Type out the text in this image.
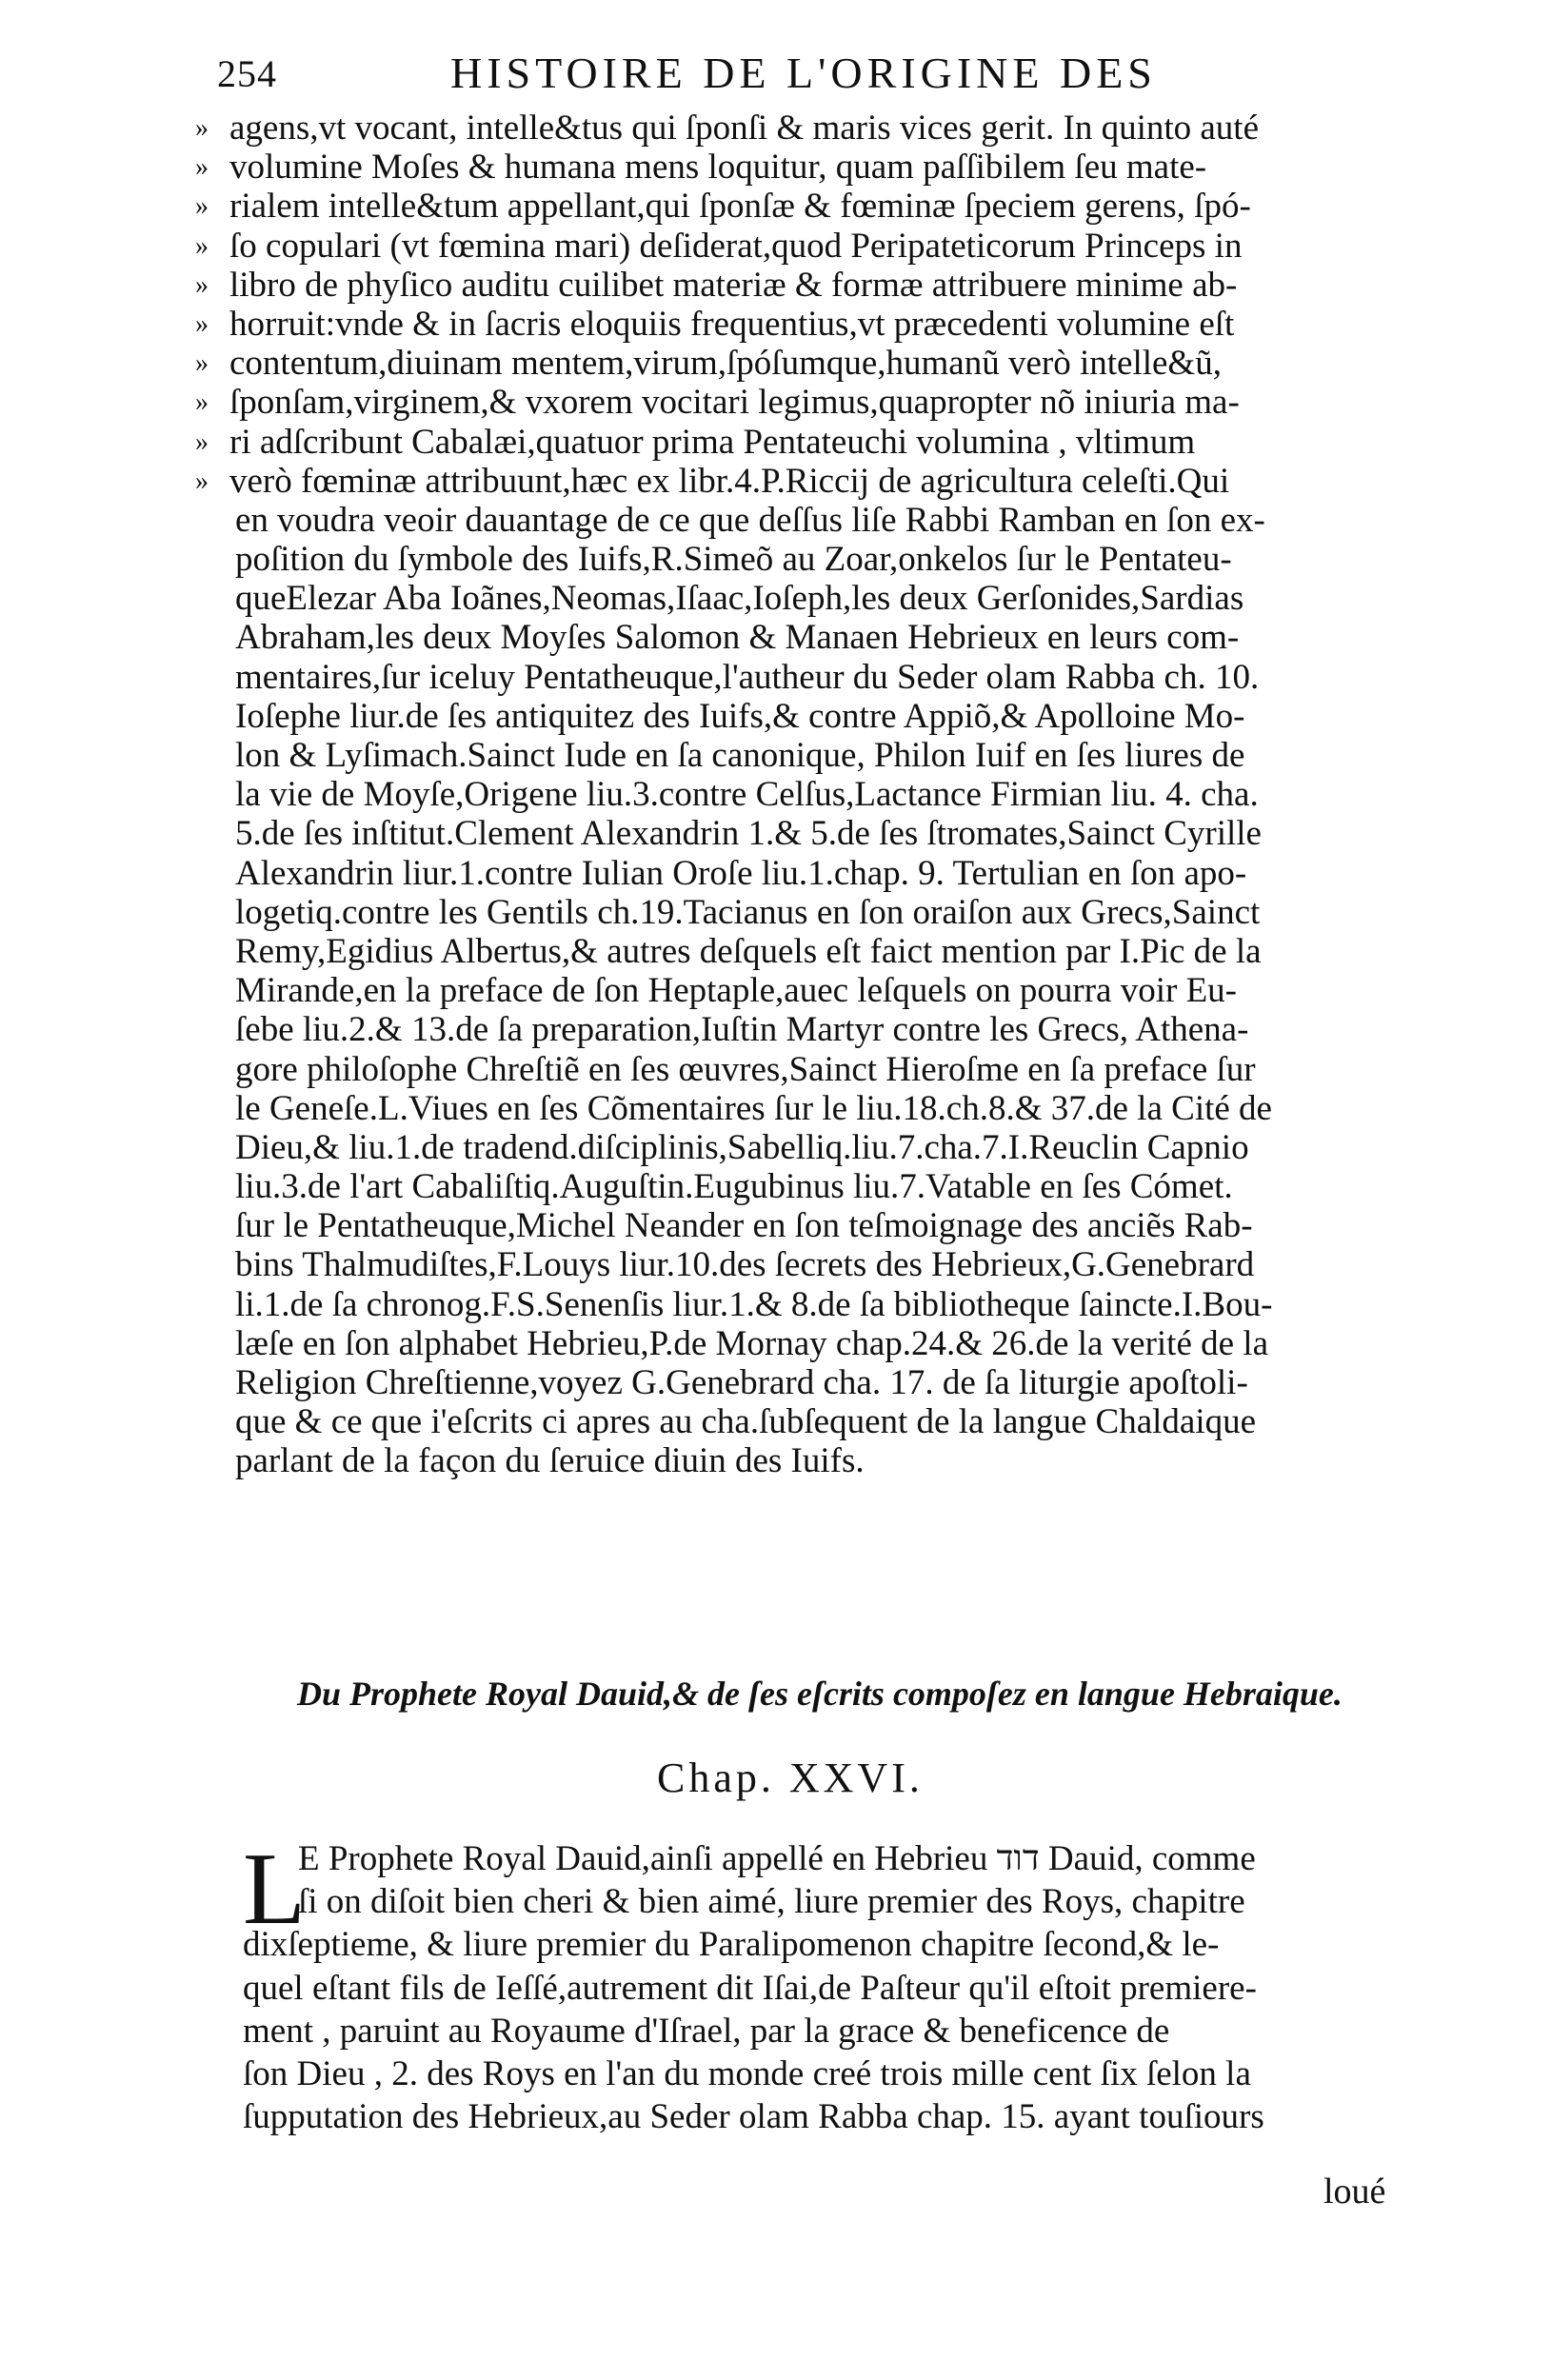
254	HISTOIRE DE L'ORIGINE DES
» agens,vt vocant, intelle&tus qui ſponſi & maris vices gerit. In quinto auté
» volumine Moſes & humana mens loquitur, quam paſſibilem ſeu mate-
» rialem intelle&tum appellant,qui ſponſæ & fœminæ ſpeciem gerens, ſpó-
» ſo copulari (vt fœmina mari) deſiderat,quod Peripateticorum Princeps in
» libro de phyſico auditu cuilibet materiæ & formæ attribuere minime ab-
» horruit:vnde & in ſacris eloquiis frequentius,vt præcedenti volumine eſt
» contentum,diuinam mentem,virum,ſpóſumque,humanũ verò intelle&ũ,
» ſponſam,virginem,& vxorem vocitari legimus,quapropter nõ iniuria ma-
» ri adſcribunt Cabalæi,quatuor prima Pentateuchi volumina , vltimum
» verò fœminæ attribuunt,hæc ex libr.4.P.Riccij de agricultura celeſti.Qui
en voudra veoir dauantage de ce que deſſus liſe Rabbi Ramban en ſon ex-
poſition du ſymbole des Iuifs,R.Simeõ au Zoar,onkelos ſur le Pentateu-
queElezar Aba Ioãnes,Neomas,Iſaac,Ioſeph,les deux Gerſonides,Sardias
Abraham,les deux Moyſes Salomon & Manaen Hebrieux en leurs com-
mentaires,ſur iceluy Pentatheuque,l'autheur du Seder olam Rabba ch. 10.
Ioſephe liur.de ſes antiquitez des Iuifs,& contre Appiõ,& Apolloine Mo-
lon & Lyſimach.Sainct Iude en ſa canonique, Philon Iuif en ſes liures de
la vie de Moyſe,Origene liu.3.contre Celſus,Lactance Firmian liu. 4. cha.
5.de ſes inſtitut.Clement Alexandrin 1.& 5.de ſes ſtromates,Sainct Cyrille
Alexandrin liur.1.contre Iulian Oroſe liu.1.chap. 9. Tertulian en ſon apo-
logetiq.contre les Gentils ch.19.Tacianus en ſon oraiſon aux Grecs,Sainct
Remy,Egidius Albertus,& autres deſquels eſt faict mention par I.Pic de la
Mirande,en la preface de ſon Heptaple,auec leſquels on pourra voir Eu-
ſebe liu.2.& 13.de ſa preparation,Iuſtin Martyr contre les Grecs, Athena-
gore philoſophe Chreſtiẽ en ſes œuvres,Sainct Hieroſme en ſa preface ſur
le Geneſe.L.Viues en ſes Cõmentaires ſur le liu.18.ch.8.& 37.de la Cité de
Dieu,& liu.1.de tradend.diſciplinis,Sabelliq.liu.7.cha.7.I.Reuclin Capnio
liu.3.de l'art Cabaliſtiq.Auguſtin.Eugubinus liu.7.Vatable en ſes Cómet.
ſur le Pentatheuque,Michel Neander en ſon teſmoignage des anciẽs Rab-
bins Thalmudiſtes,F.Louys liur.10.des ſecrets des Hebrieux,G.Genebrard
li.1.de ſa chronog.F.S.Senenſis liur.1.& 8.de ſa bibliotheque ſaincte.I.Bou-
læſe en ſon alphabet Hebrieu,P.de Mornay chap.24.& 26.de la verité de la
Religion Chreſtienne,voyez G.Genebrard cha. 17. de ſa liturgie apoſtoli-
que & ce que i'eſcrits ci apres au cha.ſubſequent de la langue Chaldaique
parlant de la façon du ſeruice diuin des Iuifs.
Du Prophete Royal Dauid,& de ſes eſcrits compoſez en langue Hebraique.
Chap. XXVI.
L
E Prophete Royal Dauid,ainſi appellé en Hebrieu דוד Dauid, comme
ſi on diſoit bien cheri & bien aimé, liure premier des Roys, chapitre
dixſeptieme, & liure premier du Paralipomenon chapitre ſecond,& le-
quel eſtant fils de Ieſſé,autrement dit Iſai,de Paſteur qu'il eſtoit premiere-
ment , paruint au Royaume d'Iſrael, par la grace & beneficence de
ſon Dieu , 2. des Roys en l'an du monde creé trois mille cent ſix ſelon la
ſupputation des Hebrieux,au Seder olam Rabba chap. 15. ayant touſiours
loué
